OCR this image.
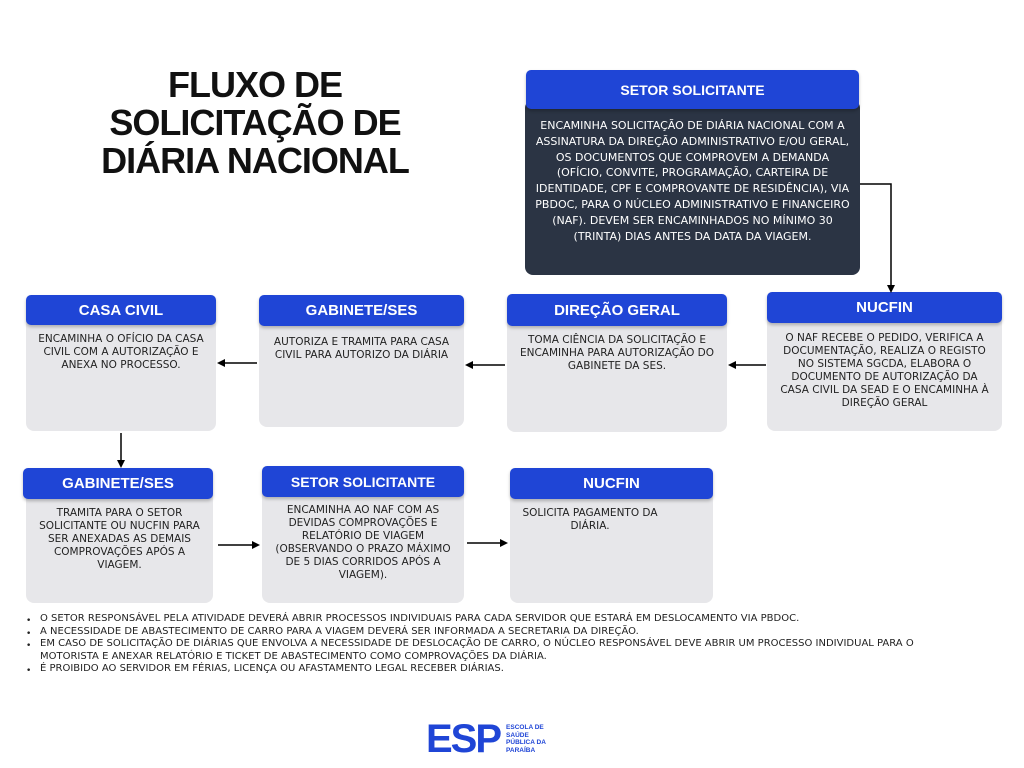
FLUXO DE SOLICITAÇÃO DE DIÁRIA NACIONAL
ENCAMINHA SOLICITAÇÃO DE DIÁRIA NACIONAL COM A ASSINATURA DA DIREÇÃO ADMINISTRATIVO E/OU GERAL, OS DOCUMENTOS QUE COMPROVEM A DEMANDA (OFÍCIO, CONVITE, PROGRAMAÇÃO, CARTEIRA DE IDENTIDADE, CPF E COMPROVANTE DE RESIDÊNCIA), VIA PBDOC, PARA O NÚCLEO ADMINISTRATIVO E FINANCEIRO (NAF). DEVEM SER ENCAMINHADOS NO MÍNIMO 30 (TRINTA) DIAS ANTES DA DATA DA VIAGEM.
SETOR SOLICITANTE
O NAF RECEBE O PEDIDO, VERIFICA A DOCUMENTAÇÃO, REALIZA O REGISTO NO SISTEMA SGCDA, ELABORA O DOCUMENTO DE AUTORIZAÇÃO DA CASA CIVIL DA SEAD E O ENCAMINHA À DIREÇÃO GERAL
NUCFIN
TOMA CIÊNCIA DA SOLICITAÇÃO E ENCAMINHA PARA AUTORIZAÇÃO DO GABINETE DA SES.
DIREÇÃO GERAL
AUTORIZA E TRAMITA PARA CASA CIVIL PARA AUTORIZO DA DIÁRIA
GABINETE/SES
ENCAMINHA O OFÍCIO DA CASA CIVIL COM A AUTORIZAÇÃO E ANEXA NO PROCESSO.
CASA CIVIL
TRAMITA PARA O SETOR SOLICITANTE OU NUCFIN PARA SER ANEXADAS AS DEMAIS COMPROVAÇÕES APÓS A VIAGEM.
GABINETE/SES
ENCAMINHA AO NAF COM AS DEVIDAS COMPROVAÇÕES E RELATÓRIO DE VIAGEM (OBSERVANDO O PRAZO MÁXIMO DE 5 DIAS CORRIDOS APÓS A VIAGEM).
SETOR SOLICITANTE
SOLICITA PAGAMENTO DA DIÁRIA.
NUCFIN
• O SETOR RESPONSÁVEL PELA ATIVIDADE DEVERÁ ABRIR PROCESSOS INDIVIDUAIS PARA CADA SERVIDOR QUE ESTARÁ EM DESLOCAMENTO VIA PBDOC.
• A NECESSIDADE DE ABASTECIMENTO DE CARRO PARA A VIAGEM DEVERÁ SER INFORMADA A SECRETARIA DA DIREÇÃO.
• EM CASO DE SOLICITAÇÃO DE DIÁRIAS QUE ENVOLVA A NECESSIDADE DE DESLOCAÇÃO DE CARRO, O NÚCLEO RESPONSÁVEL DEVE ABRIR UM PROCESSO INDIVIDUAL PARA O MOTORISTA E ANEXAR RELATÓRIO E TICKET DE ABASTECIMENTO COMO COMPROVAÇÕES DA DIÁRIA.
• É PROIBIDO AO SERVIDOR EM FÉRIAS, LICENÇA OU AFASTAMENTO LEGAL RECEBER DIÁRIAS.
ESP ESCOLA DE SAÚDE PÚBLICA DA PARAÍBA
